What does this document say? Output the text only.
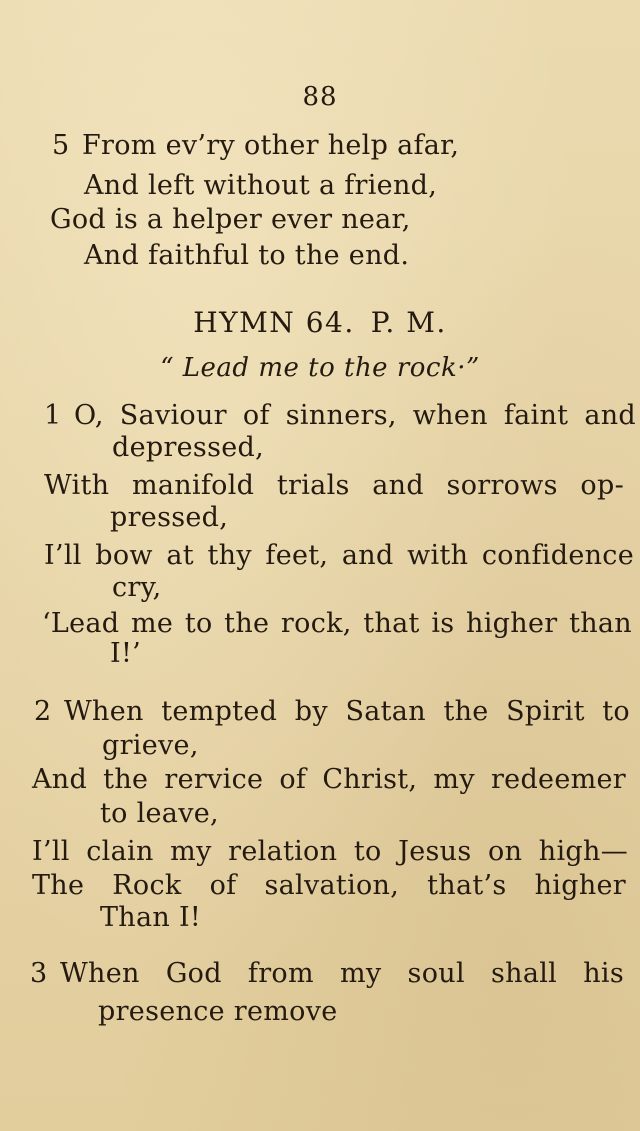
88
5 From ev’ry other help afar,
And left without a friend,
God is a helper ever near,
And faithful to the end.
HYMN 64. P. M.
“ Lead me to the rock·”
1 O, Saviour of sinners, when faint and
depressed,
With manifold trials and sorrows op-
pressed,
I’ll bow at thy feet, and with confidence
cry,
‘Lead me to the rock, that is higher than
I!’
2 When tempted by Satan the Spirit to
grieve,
And the rervice of Christ, my redeemer
to leave,
I’ll clain my relation to Jesus on high—
The Rock of salvation, that’s higher
Than I!
3 When God from my soul shall his
presence remove
